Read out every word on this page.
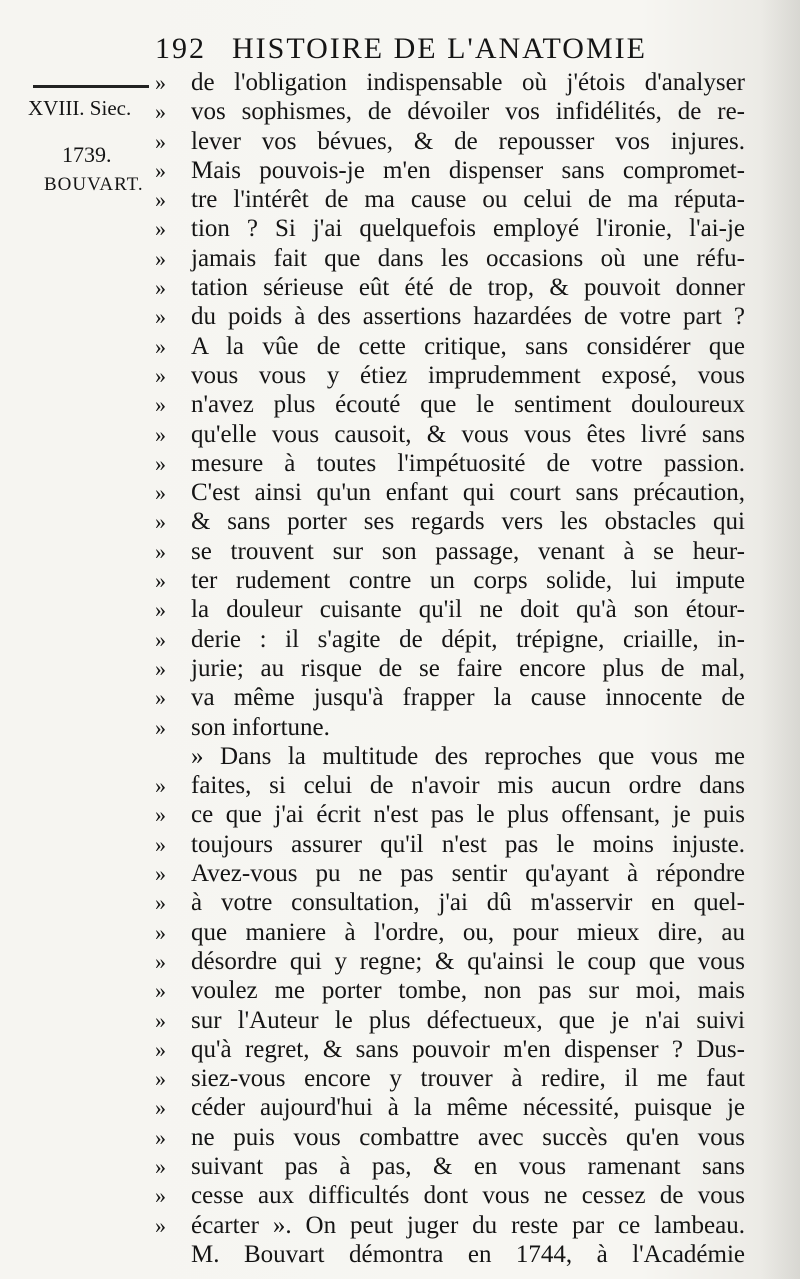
192 HISTOIRE DE L'ANATOMIE
XVIII. Siec.
1739.
BOUVART.
»	de l'obligation indispensable où j'étois d'analyser
»	vos sophismes, de dévoiler vos infidélités, de re-
»	lever vos bévues, & de repousser vos injures.
»	Mais pouvois-je m'en dispenser sans compromet-
»	tre l'intérêt de ma cause ou celui de ma réputa-
»	tion ? Si j'ai quelquefois employé l'ironie, l'ai-je
»	jamais fait que dans les occasions où une réfu-
»	tation sérieuse eût été de trop, & pouvoit donner
»	du poids à des assertions hazardées de votre part ?
»	A la vûe de cette critique, sans considérer que
»	vous vous y étiez imprudemment exposé, vous
»	n'avez plus écouté que le sentiment douloureux
»	qu'elle vous causoit, & vous vous êtes livré sans
»	mesure à toutes l'impétuosité de votre passion.
»	C'est ainsi qu'un enfant qui court sans précaution,
»	& sans porter ses regards vers les obstacles qui
»	se trouvent sur son passage, venant à se heur-
»	ter rudement contre un corps solide, lui impute
»	la douleur cuisante qu'il ne doit qu'à son étour-
»	derie : il s'agite de dépit, trépigne, criaille, in-
»	jurie; au risque de se faire encore plus de mal,
»	va même jusqu'à frapper la cause innocente de
»	son infortune.
» Dans la multitude des reproches que vous me
»	faites, si celui de n'avoir mis aucun ordre dans
»	ce que j'ai écrit n'est pas le plus offensant, je puis
»	toujours assurer qu'il n'est pas le moins injuste.
»	Avez-vous pu ne pas sentir qu'ayant à répondre
»	à votre consultation, j'ai dû m'asservir en quel-
»	que maniere à l'ordre, ou, pour mieux dire, au
»	désordre qui y regne; & qu'ainsi le coup que vous
»	voulez me porter tombe, non pas sur moi, mais
»	sur l'Auteur le plus défectueux, que je n'ai suivi
»	qu'à regret, & sans pouvoir m'en dispenser ? Dus-
»	siez-vous encore y trouver à redire, il me faut
»	céder aujourd'hui à la même nécessité, puisque je
»	ne puis vous combattre avec succès qu'en vous
»	suivant pas à pas, & en vous ramenant sans
»	cesse aux difficultés dont vous ne cessez de vous
»	écarter ». On peut juger du reste par ce lambeau.
M. Bouvart démontra en 1744, à l'Académie
